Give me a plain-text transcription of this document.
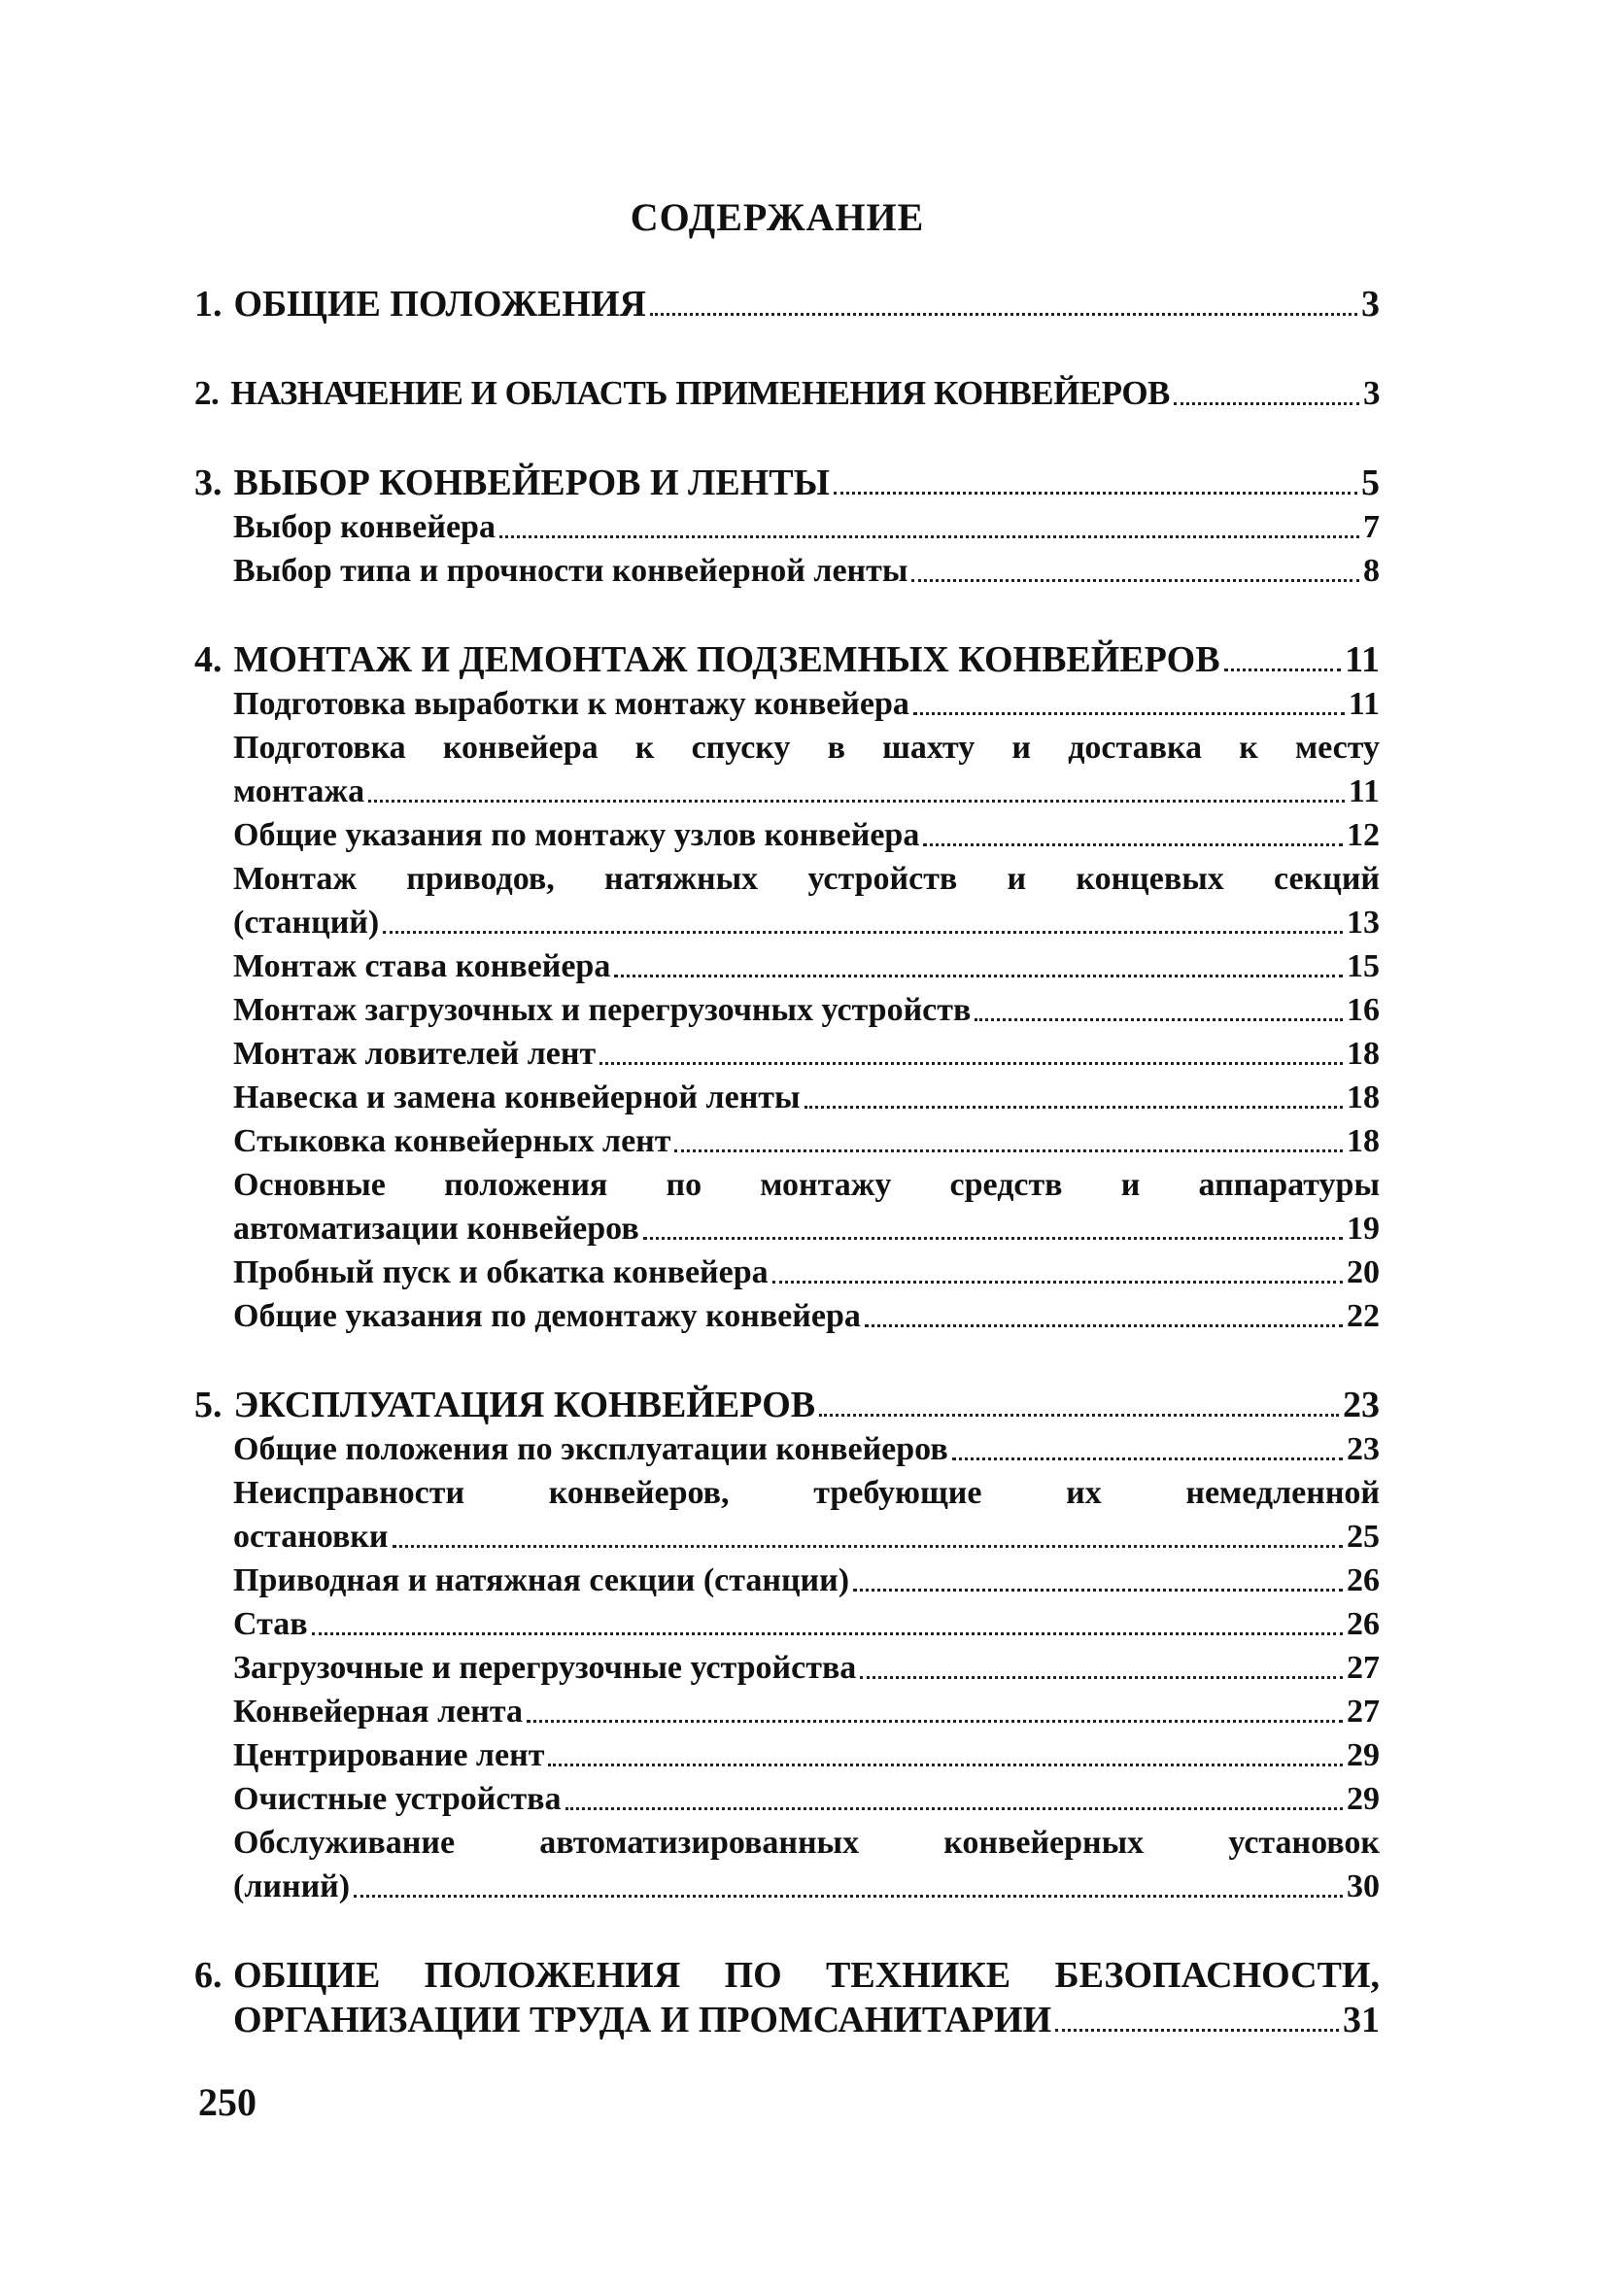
СОДЕРЖАНИЕ
1. ОБЩИЕ ПОЛОЖЕНИЯ	3
2. НАЗНАЧЕНИЕ И ОБЛАСТЬ ПРИМЕНЕНИЯ КОНВЕЙЕРОВ	3
3. ВЫБОР КОНВЕЙЕРОВ И ЛЕНТЫ	5
Выбор конвейера	7
Выбор типа и прочности конвейерной ленты	8
4. МОНТАЖ И ДЕМОНТАЖ ПОДЗЕМНЫХ КОНВЕЙЕРОВ	11
Подготовка выработки к монтажу конвейера	11
Подготовка конвейера к спуску в шахту и доставка к месту
монтажа	11
Общие указания по монтажу узлов конвейера	12
Монтаж приводов, натяжных устройств и концевых секций
(станций)	13
Монтаж става конвейера	15
Монтаж загрузочных и перегрузочных устройств	16
Монтаж ловителей лент	18
Навеска и замена конвейерной ленты	18
Стыковка конвейерных лент	18
Основные положения по монтажу средств и аппаратуры
автоматизации конвейеров	19
Пробный пуск и обкатка конвейера	20
Общие указания по демонтажу конвейера	22
5. ЭКСПЛУАТАЦИЯ КОНВЕЙЕРОВ	23
Общие положения по эксплуатации конвейеров	23
Неисправности конвейеров, требующие их немедленной
остановки	25
Приводная и натяжная секции (станции)	26
Став	26
Загрузочные и перегрузочные устройства	27
Конвейерная лента	27
Центрирование лент	29
Очистные устройства	29
Обслуживание автоматизированных конвейерных установок
(линий)	30
6. ОБЩИЕ ПОЛОЖЕНИЯ ПО ТЕХНИКЕ БЕЗОПАСНОСТИ,
ОРГАНИЗАЦИИ ТРУДА И ПРОМСАНИТАРИИ	31
250
